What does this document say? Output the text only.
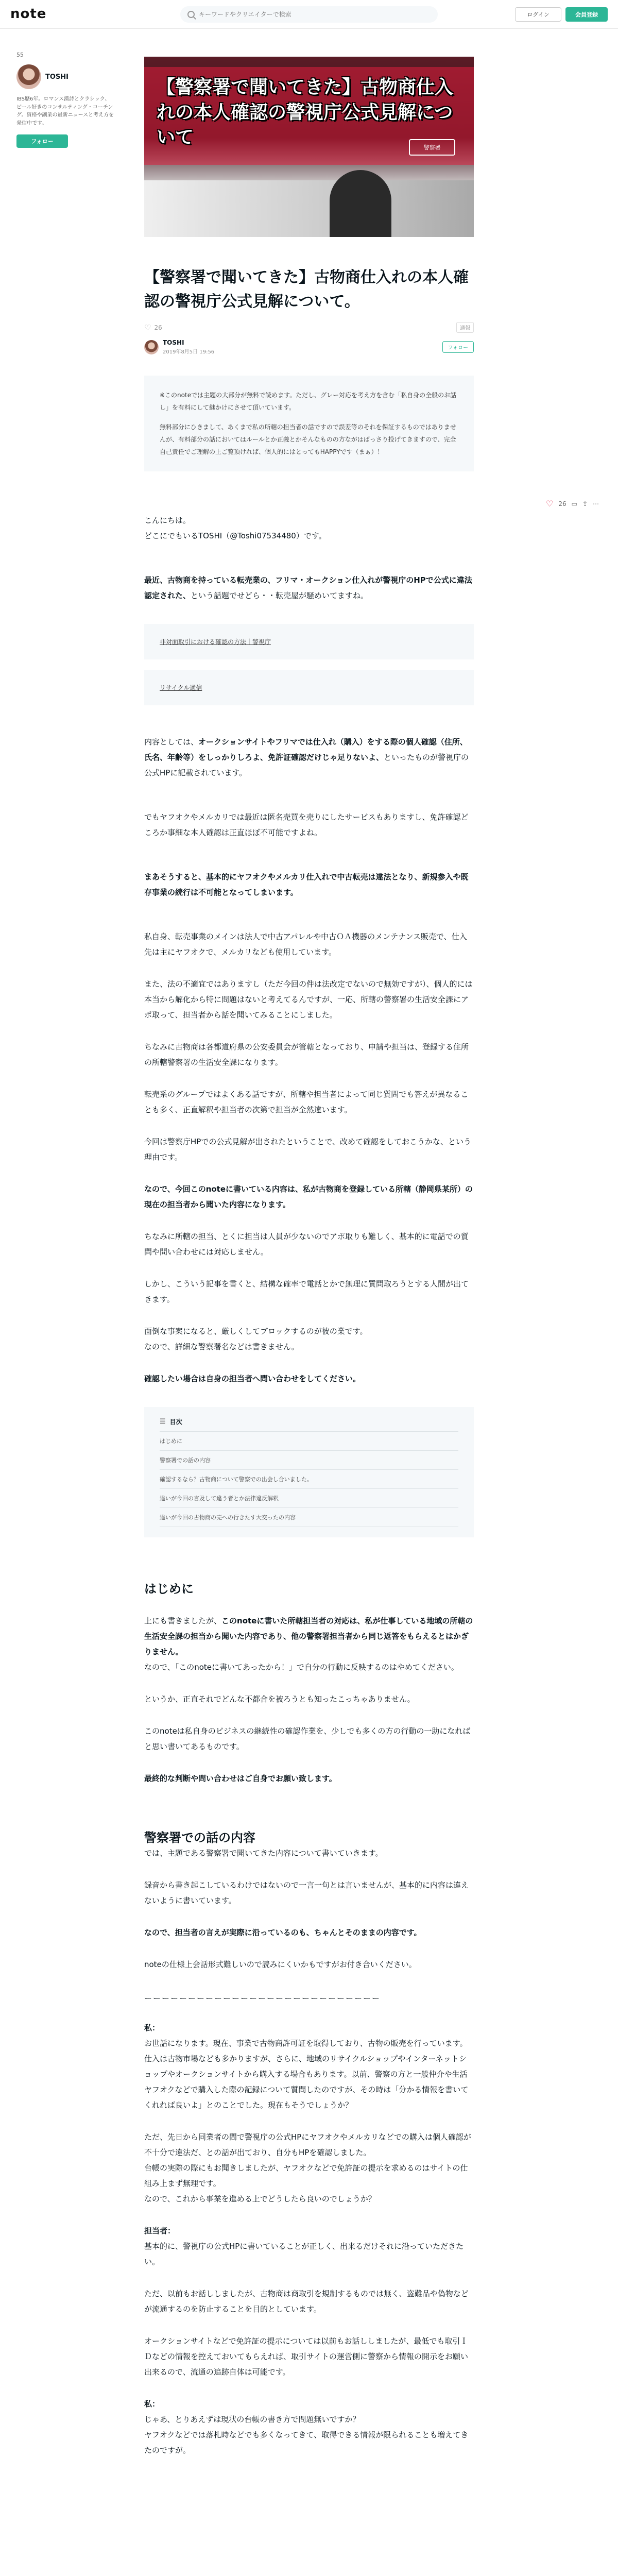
note
キーワードやクリエイターで検索	ログイン	会員登録
55
TOSHI
IBS歴6年。ロマンス漢詩とクラシック、ビール好きのコンサルティング・コーチング。資格や副業の最新ニュースと考え方を発信中です。
フォロー
♡ 26 ▭ ⇪ ⋯
【警察署で聞いてきた】古物商仕入れの本人確認の警視庁公式見解について	警察署
【警察署で聞いてきた】古物商仕入れの本人確認の警視庁公式見解について。
♡ 26	通報
TOSHI
2019年8月5日 19:56
フォロー

※このnoteでは主題の大部分が無料で読めます。ただし、グレー対応を考え方を含む「私自身の全般のお話し」を有料にして継かけにさせて頂いています。

無料部分にひきまして、あくまで私の所轄の担当者の話ですので誤差等のそれを保証するものではありませんが、有料部分の話においてはルールとか正義とかそんなものの方ながはばっさり投げてきますので、完全自己責任でご理解の上ご覧頂ければ、個人的にはとってもHAPPYです（まぁ）！

こんにちは。

どこにでもいるTOSHI（@Toshi07534480）です。

最近、古物商を持っている転売業の、フリマ・オークション仕入れが警視庁のHPで公式に違法認定された、という話題でせどら・・転売屋が騒めいてますね。

非対面取引における確認の方法｜警視庁
リサイクル通信

内容としては、オークションサイトやフリマでは仕入れ（購入）をする際の個人確認（住所、氏名、年齢等）をしっかりしろよ、免許証確認だけじゃ足りないよ、といったものが警視庁の公式HPに記載されています。

でもヤフオクやメルカリでは最近は匿名売買を売りにしたサービスもありますし、免許確認どころか事細な本人確認は正直ほぼ不可能ですよね。

まあそうすると、基本的にヤフオクやメルカリ仕入れで中古転売は違法となり、新規参入や既存事業の続行は不可能となってしまいます。

私自身、転売事業のメインは法人で中古アパレルや中古ＯＡ機器のメンテナンス販売で、仕入先は主にヤフオクで、メルカリなども使用しています。

また、法の不適宜ではありますし（ただ今回の件は法改定でないので無効ですが）、個人的には本当から解化から特に問題はないと考えてるんですが、一応、所轄の警察署の生活安全課にアポ取って、担当者から話を聞いてみることにしました。

ちなみに古物商は各都道府県の公安委員会が管轄となっており、申請や担当は、登録する住所の所轄警察署の生活安全課になります。

転売系のグループではよくある話ですが、所轄や担当者によって同じ質問でも答えが異なることも多く、正直解釈や担当者の次第で担当が全然違います。

今回は警察庁HPでの公式見解が出されたということで、改めて確認をしておこうかな、という理由です。

なので、今回このnoteに書いている内容は、私が古物商を登録している所轄（静岡県某所）の現在の担当者から聞いた内容になります。

ちなみに所轄の担当、とくに担当は人員が少ないのでアポ取りも難しく、基本的に電話での質問や問い合わせには対応しません。

しかし、こういう記事を書くと、結構な確率で電話とかで無理に質問取ろうとする人間が出てきます。

面倒な事案になると、厳しくしてブロックするのが彼の業です。

なので、詳細な警察署名などは書きません。

確認したい場合は自身の担当者へ問い合わせをしてください。

☰ 目次
はじめに
警察署での話の内容
確認するなら？古物商について警察での出会し合いました。
違いが今回の言及して違う者とか法律違反解釈
違いが今回の古物商の売への行きたす大交ったの内容
はじめに

上にも書きましたが、このnoteに書いた所轄担当者の対応は、私が仕事している地域の所轄の生活安全課の担当から聞いた内容であり、他の警察署担当者から同じ返答をもらえるとはかぎりません。

なので、「このnoteに書いてあったから！」で自分の行動に反映するのはやめてください。

というか、正直それでどんな不都合を被ろうとも知ったこっちゃありません。

このnoteは私自身のビジネスの継続性の確認作業を、少しでも多くの方の行動の一助になればと思い書いてあるものです。

最終的な判断や問い合わせはご自身でお願い致します。

警察署での話の内容

では、主題である警察署で聞いてきた内容について書いていきます。

録音から書き起こしているわけではないので一言一句とは言いませんが、基本的に内容は違えないように書いています。

なので、担当者の言えが実際に沿っているのも、ちゃんとそのままの内容です。

noteの仕様上会話形式難しいので読みにくいかもですがお付き合いください。

ーーーーーーーーーーーーーーーーーーーーーーーーーーー

私：

お世話になります。現在、事業で古物商許可証を取得しており、古物の販売を行っています。仕入は古物市場なども多かりますが、さらに、地域のリサイクルショップやインターネットショップやオークションサイトから購入する場合もあります。以前、警察の方と一般仲介や生活ヤフオクなどで購入した際の記録について質問したのですが、その時は「分かる情報を書いてくれれば良いよ」とのことでした。現在もそうでしょうか？

ただ、先日から同業者の間で警視庁の公式HPにヤフオクやメルカリなどでの購入は個人確認が不十分で違法だ、との話が出ており、自分もHPを確認しました。

台帳の実際の際にもお聞きしましたが、ヤフオクなどで免許証の提示を求めるのはサイトの仕組み上まず無理です。

なので、これから事業を進める上でどうしたら良いのでしょうか？

担当者：

基本的に、警視庁の公式HPに書いていることが正しく、出来るだけそれに沿っていただきたい。

ただ、以前もお話ししましたが、古物商は商取引を規制するものでは無く、盗難品や偽物などが流通するのを防止することを目的としています。

オークションサイトなどで免許証の提示については以前もお話ししましたが、最低でも取引ＩＤなどの情報を控えておいてもらえれば、取引サイトの運営側に警察から情報の開示をお願い出来るので、流通の追跡自体は可能です。

私：

じゃあ、とりあえずは現状の台帳の書き方で問題無いですか？

ヤフオクなどでは落札時などでも多くなってきて、取得できる情報が限られることも増えてきたのですが。
